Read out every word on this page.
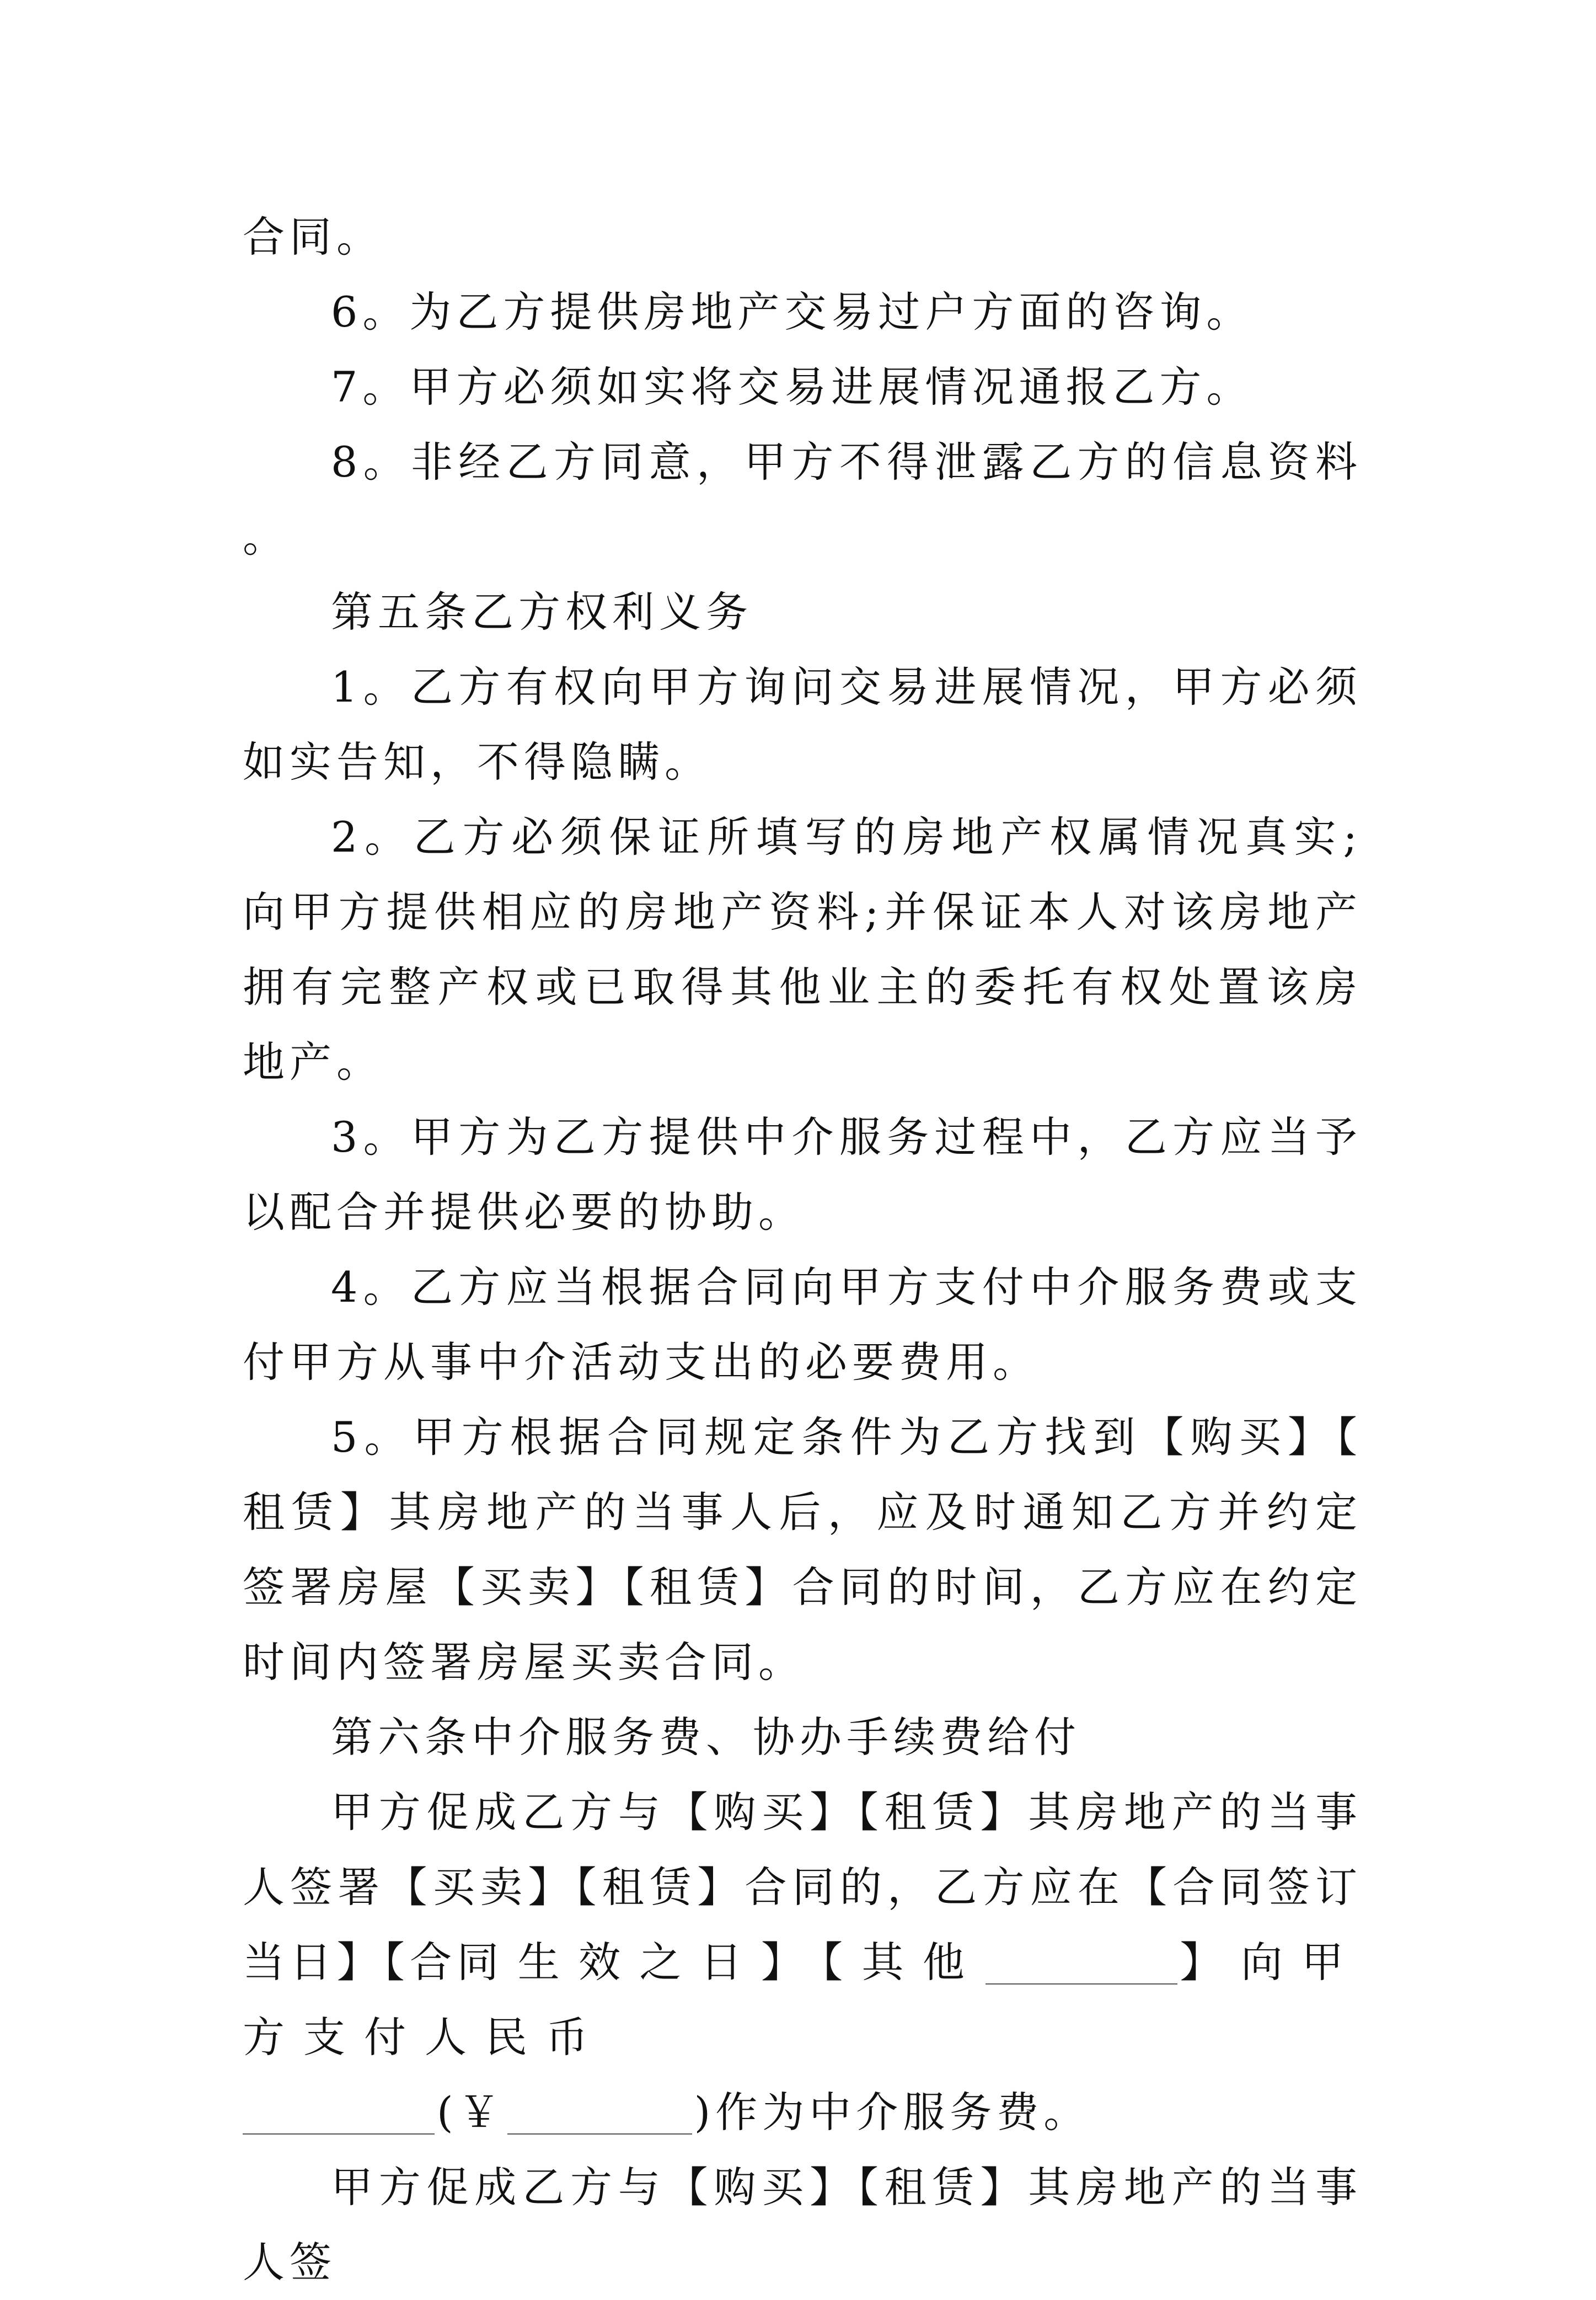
合同。

6。为乙方提供房地产交易过户方面的咨询。

7。甲方必须如实将交易进展情况通报乙方。

8。非经乙方同意，甲方不得泄露乙方的信息资料。

第五条乙方权利义务

1。乙方有权向甲方询问交易进展情况，甲方必须如实告知，不得隐瞒。

2。乙方必须保证所填写的房地产权属情况真实;向甲方提供相应的房地产资料;并保证本人对该房地产拥有完整产权或已取得其他业主的委托有权处置该房地产。

3。甲方为乙方提供中介服务过程中，乙方应当予以配合并提供必要的协助。

4。乙方应当根据合同向甲方支付中介服务费或支付甲方从事中介活动支出的必要费用。

5。甲方根据合同规定条件为乙方找到【购买】【租赁】其房地产的当事人后，应及时通知乙方并约定签署房屋【买卖】【租赁】合同的时间，乙方应在约定时间内签署房屋买卖合同。

第六条中介服务费、协办手续费给付

甲方促成乙方与【购买】【租赁】其房地产的当事人签署【买卖】【租赁】合同的，乙方应在【合同签订当日】【合同生效之日】【其他	】向甲方支付人民币
(￥	)作为中介服务费。

甲方促成乙方与【购买】【租赁】其房地产的当事人签
